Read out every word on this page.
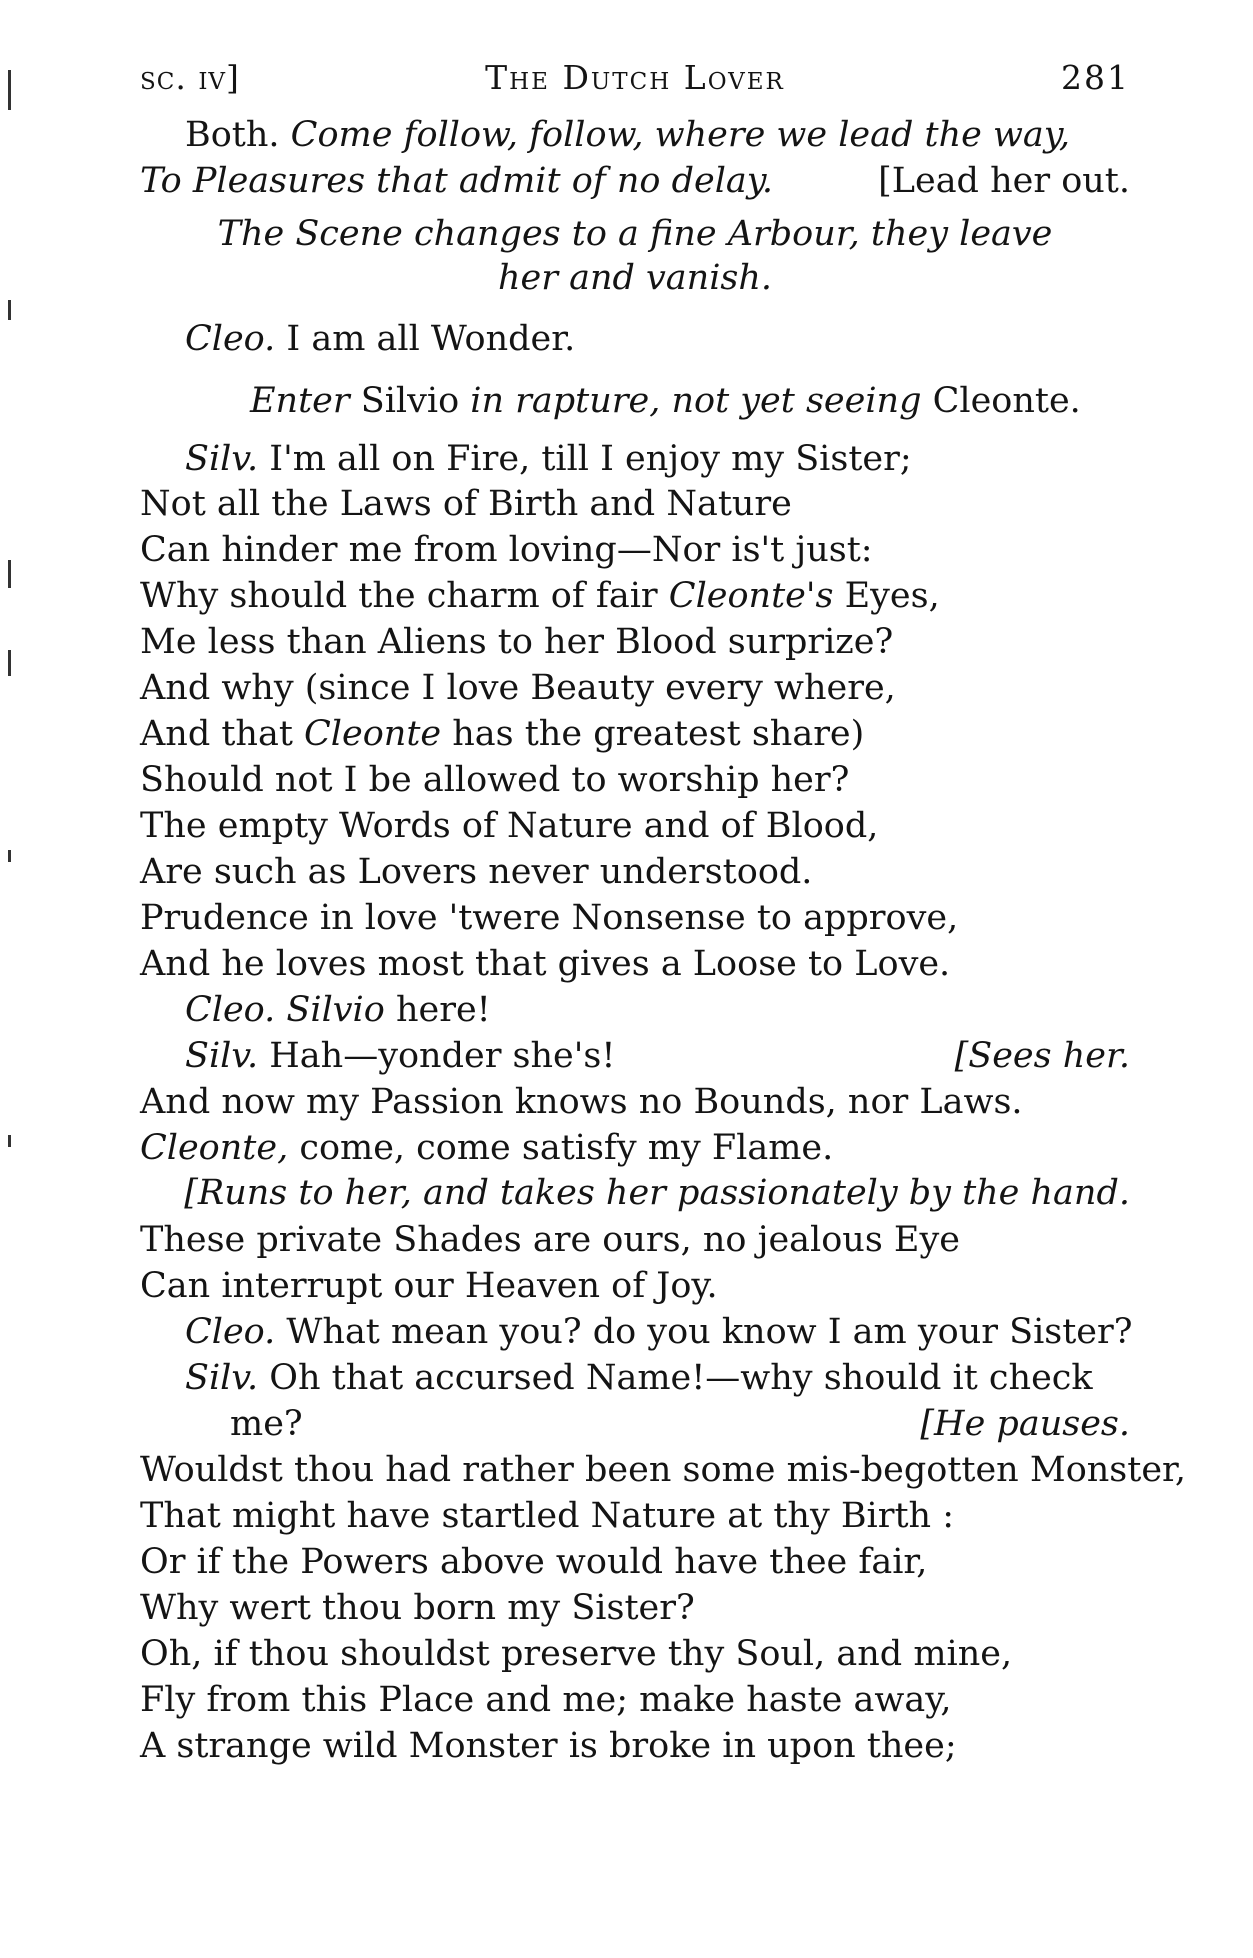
sc. iv]	The Dutch Lover	281
Both. Come follow, follow, where we lead the way,
To Pleasures that admit of no delay.	[Lead her out.
The Scene changes to a fine Arbour, they leave
her and vanish.
Cleo. I am all Wonder.
Enter Silvio in rapture, not yet seeing Cleonte.
Silv. I'm all on Fire, till I enjoy my Sister;
Not all the Laws of Birth and Nature
Can hinder me from loving—Nor is't just:
Why should the charm of fair Cleonte's Eyes,
Me less than Aliens to her Blood surprize?
And why (since I love Beauty every where,
And that Cleonte has the greatest share)
Should not I be allowed to worship her?
The empty Words of Nature and of Blood,
Are such as Lovers never understood.
Prudence in love 'twere Nonsense to approve,
And he loves most that gives a Loose to Love.
Cleo. Silvio here!
Silv. Hah—yonder she's!	[Sees her.
And now my Passion knows no Bounds, nor Laws.
Cleonte, come, come satisfy my Flame.
[Runs to her, and takes her passionately by the hand.
These private Shades are ours, no jealous Eye
Can interrupt our Heaven of Joy.
Cleo. What mean you? do you know I am your Sister?
Silv. Oh that accursed Name!—why should it check
me?	[He pauses.
Wouldst thou had rather been some mis-begotten Monster,
That might have startled Nature at thy Birth :
Or if the Powers above would have thee fair,
Why wert thou born my Sister?
Oh, if thou shouldst preserve thy Soul, and mine,
Fly from this Place and me; make haste away,
A strange wild Monster is broke in upon thee;
